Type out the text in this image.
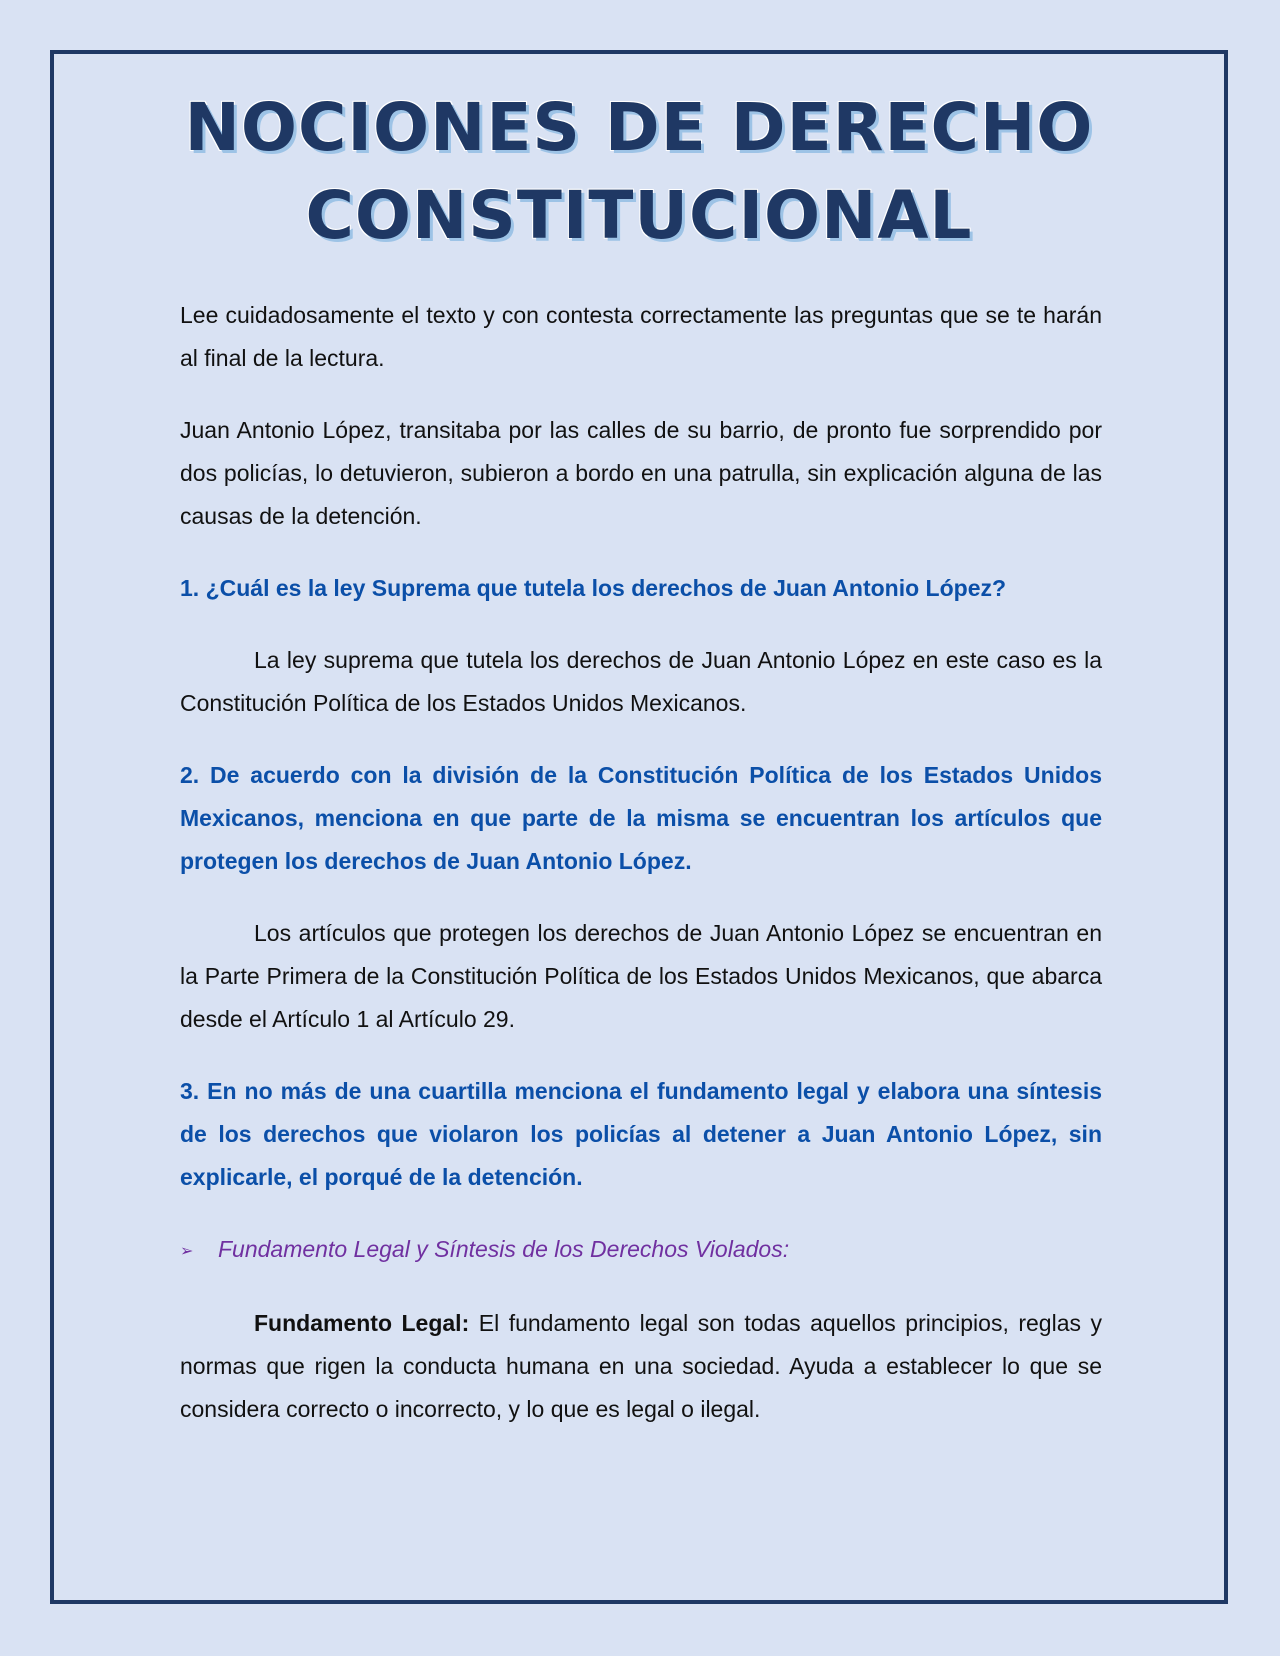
NOCIONES DE DERECHO
CONSTITUCIONAL

Lee cuidadosamente el texto y con contesta correctamente las preguntas que se te harán al final de la lectura.

Juan Antonio López, transitaba por las calles de su barrio, de pronto fue sorprendido por dos policías, lo detuvieron, subieron a bordo en una patrulla, sin explicación alguna de las causas de la detención.

1. ¿Cuál es la ley Suprema que tutela los derechos de Juan Antonio López?

La ley suprema que tutela los derechos de Juan Antonio López en este caso es la Constitución Política de los Estados Unidos Mexicanos.

2. De acuerdo con la división de la Constitución Política de los Estados Unidos Mexicanos, menciona en que parte de la misma se encuentran los artículos que protegen los derechos de Juan Antonio López.

Los artículos que protegen los derechos de Juan Antonio López se encuentran en la Parte Primera de la Constitución Política de los Estados Unidos Mexicanos, que abarca desde el Artículo 1 al Artículo 29.

3. En no más de una cuartilla menciona el fundamento legal y elabora una síntesis de los derechos que violaron los policías al detener a Juan Antonio López, sin explicarle, el porqué de la detención.

➢ Fundamento Legal y Síntesis de los Derechos Violados:

Fundamento Legal: El fundamento legal son todas aquellos principios, reglas y normas que rigen la conducta humana en una sociedad. Ayuda a establecer lo que se considera correcto o incorrecto, y lo que es legal o ilegal.
